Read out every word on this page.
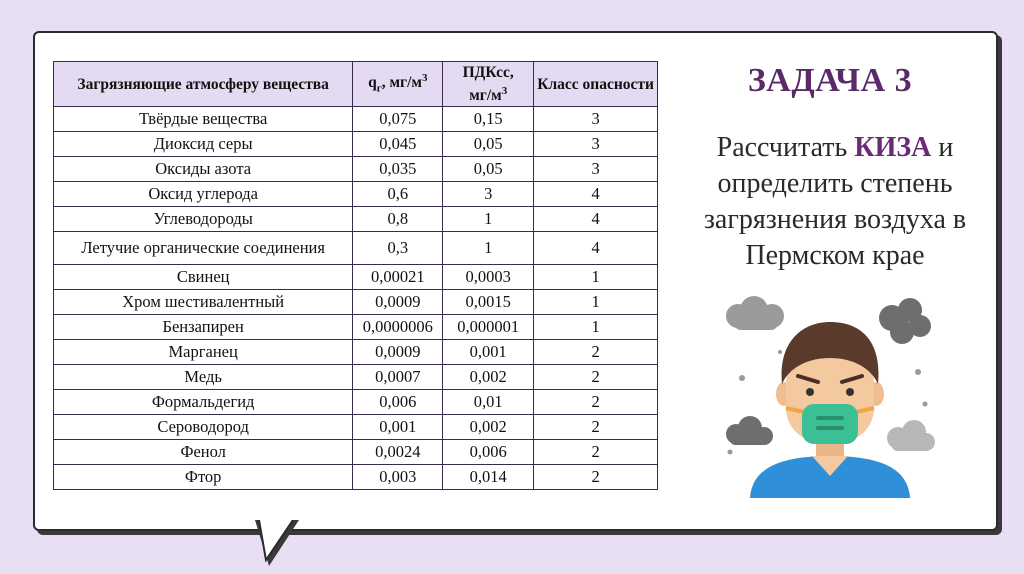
Загрязняющие атмосферу вещества	$q_г$, $мг/м^3$	ПДКсс,
$мг/м^3$	Класс опасности
Твёрдые вещества	0,075	0,15	3
Диоксид серы	0,045	0,05	3
Оксиды азота	0,035	0,05	3
Оксид углерода	0,6	3	4
Углеводороды	0,8	1	4
Летучие органические соединения	0,3	1	4
Свинец	0,00021	0,0003	1
Хром шестивалентный	0,0009	0,0015	1
Бензапирен	0,0000006	0,000001	1
Марганец	0,0009	0,001	2
Медь	0,0007	0,002	2
Формальдегид	0,006	0,01	2
Сероводород	0,001	0,002	2
Фенол	0,0024	0,006	2
Фтор	0,003	0,014	2
ЗАДАЧА 3
Рассчитать КИЗА и определить степень загрязнения воздуха в Пермском крае
